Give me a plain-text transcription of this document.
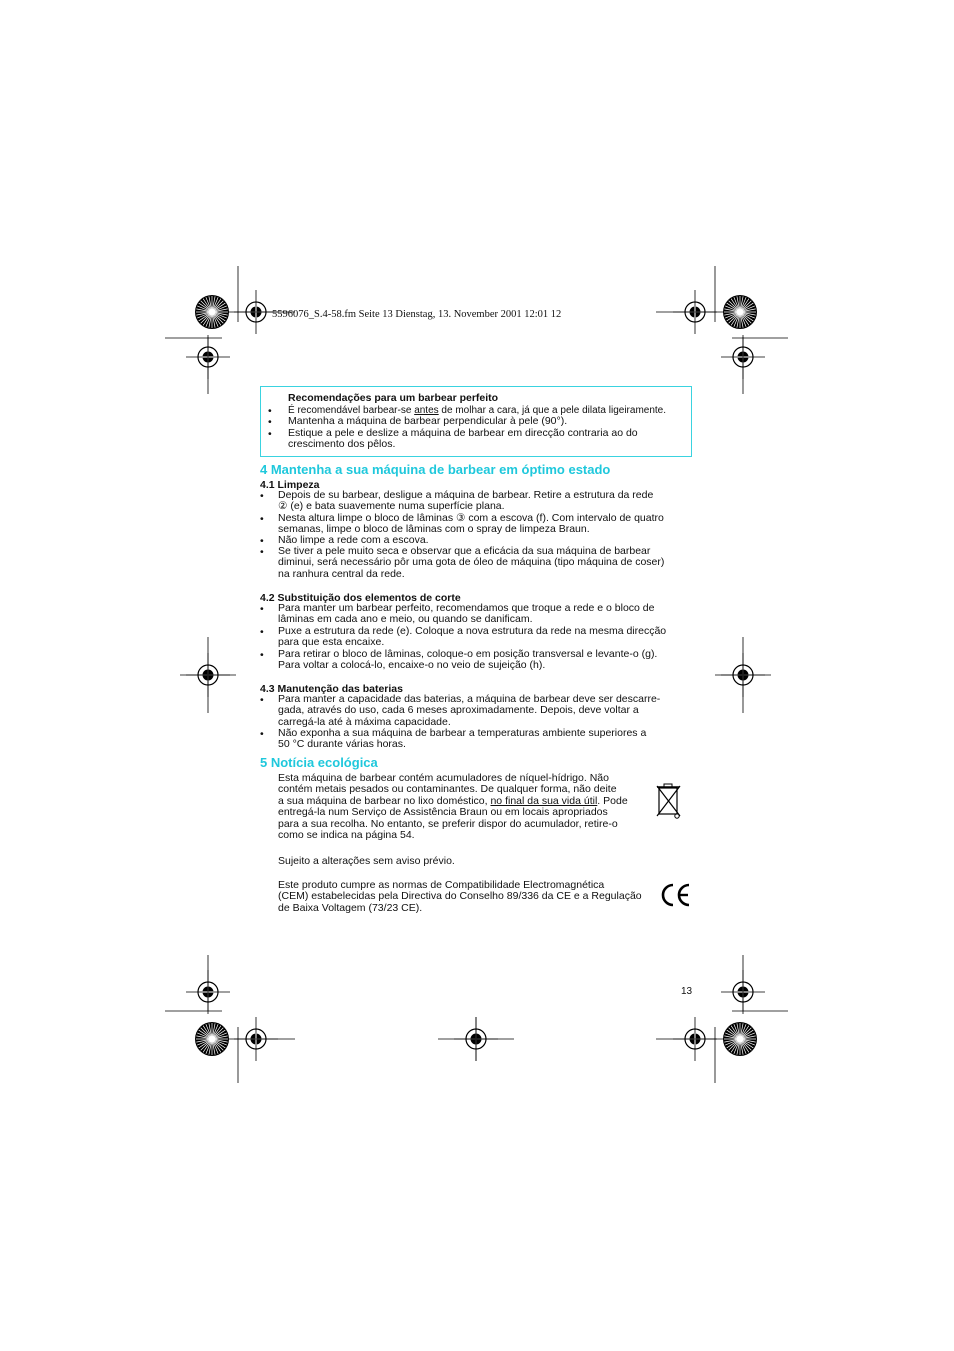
5596076_S.4-58.fm Seite 13 Dienstag, 13. November 2001 12:01 12
Recomendações para um barbear perfeito
• É recomendável barbear-se antes de molhar a cara, já que a pele dilata ligeiramente.
• Mantenha a máquina de barbear perpendicular à pele (90°).
• Estique a pele e deslize a máquina de barbear em direcção contraria ao do
crescimento dos pêlos.
4 Mantenha a sua máquina de barbear em óptimo estado
4.1 Limpeza
• Depois de su barbear, desligue a máquina de barbear. Retire a estrutura da rede
② (e) e bata suavemente numa superfície plana.
• Nesta altura limpe o bloco de lâminas ③ com a escova (f). Com intervalo de quatro
semanas, limpe o bloco de lâminas com o spray de limpeza Braun.
• Não limpe a rede com a escova.
• Se tiver a pele muito seca e observar que a eficácia da sua máquina de barbear
diminui, será necessário pôr uma gota de óleo de máquina (tipo máquina de coser)
na ranhura central da rede.
4.2 Substituição dos elementos de corte
• Para manter um barbear perfeito, recomendamos que troque a rede e o bloco de
lâminas em cada ano e meio, ou quando se danificam.
• Puxe a estrutura da rede (e). Coloque a nova estrutura da rede na mesma direcção
para que esta encaixe.
• Para retirar o bloco de lâminas, coloque-o em posição transversal e levante-o (g).
Para voltar a colocá-lo, encaixe-o no veio de sujeição (h).
4.3 Manutenção das baterias
• Para manter a capacidade das baterias, a máquina de barbear deve ser descarre-
gada, através do uso, cada 6 meses aproximadamente. Depois, deve voltar a
carregá-la até à máxima capacidade.
• Não exponha a sua máquina de barbear a temperaturas ambiente superiores a
50 °C durante várias horas.
5 Notícia ecológica
Esta máquina de barbear contém acumuladores de níquel-hídrigo. Não
contém metais pesados ou contaminantes. De qualquer forma, não deite
a sua máquina de barbear no lixo doméstico, no final da sua vida útil. Pode
entregá-la num Serviço de Assistência Braun ou em locais apropriados
para a sua recolha. No entanto, se preferir dispor do acumulador, retire-o
como se indica na página 54.
Sujeito a alterações sem aviso prévio.
Este produto cumpre as normas de Compatibilidade Electromagnética
(CEM) estabelecidas pela Directiva do Conselho 89/336 da CE e a Regulação
de Baixa Voltagem (73/23 CE).
13
